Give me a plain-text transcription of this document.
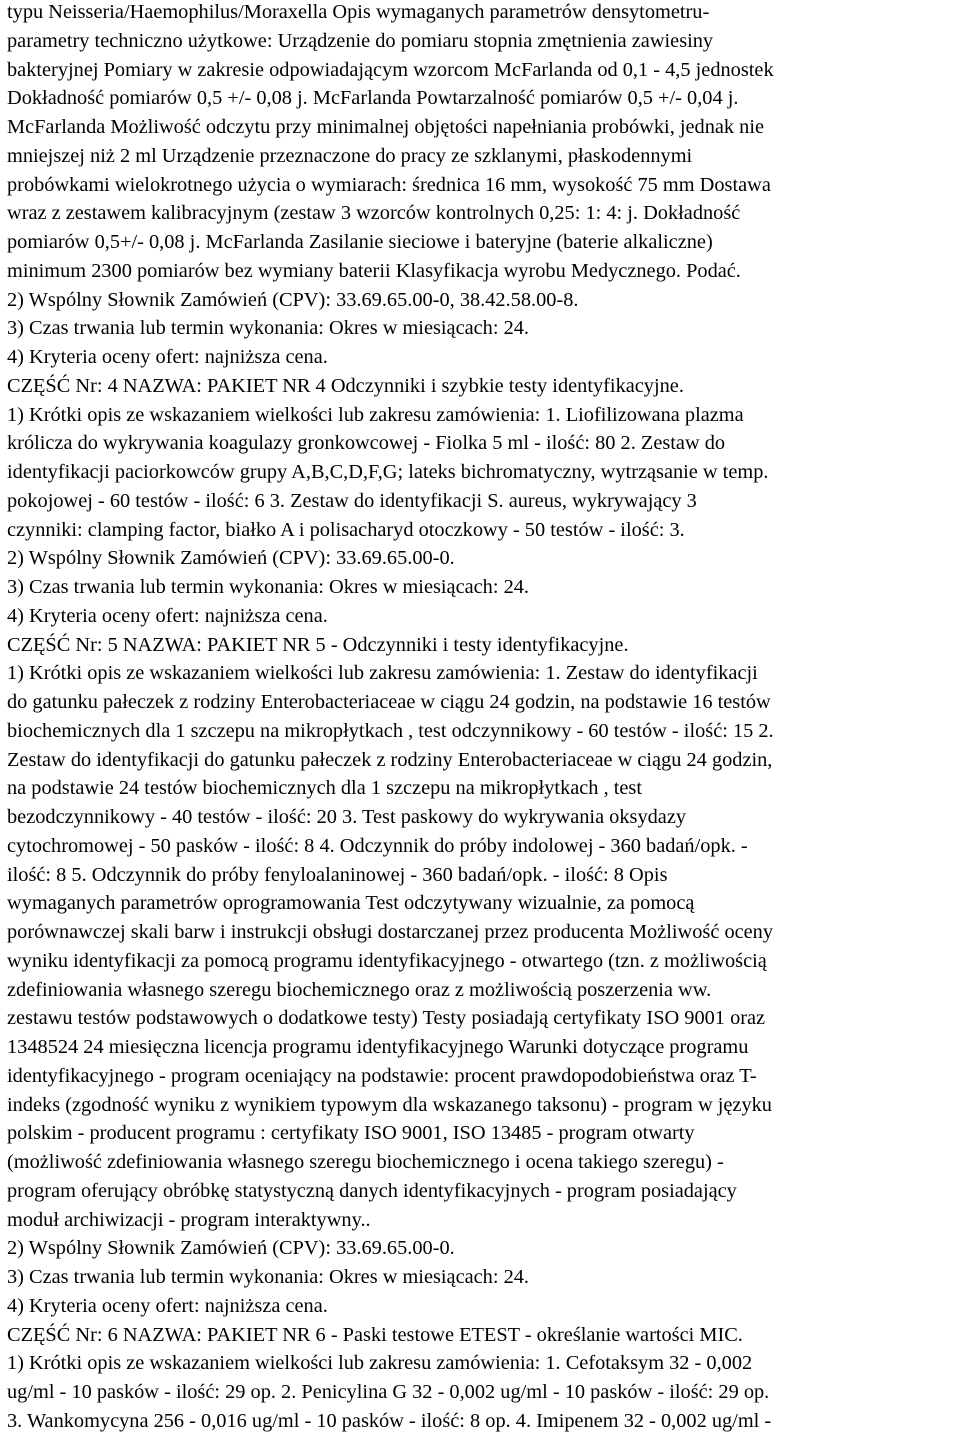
typu Neisseria/Haemophilus/Moraxella Opis wymaganych parametrów densytometru-
parametry techniczno użytkowe: Urządzenie do pomiaru stopnia zmętnienia zawiesiny
bakteryjnej Pomiary w zakresie odpowiadającym wzorcom McFarlanda od 0,1 - 4,5 jednostek
Dokładność pomiarów 0,5 +/- 0,08 j. McFarlanda Powtarzalność pomiarów 0,5 +/- 0,04 j.
McFarlanda Możliwość odczytu przy minimalnej objętości napełniania probówki, jednak nie
mniejszej niż 2 ml Urządzenie przeznaczone do pracy ze szklanymi, płaskodennymi
probówkami wielokrotnego użycia o wymiarach: średnica 16 mm, wysokość 75 mm Dostawa
wraz z zestawem kalibracyjnym (zestaw 3 wzorców kontrolnych 0,25: 1: 4: j. Dokładność
pomiarów 0,5+/- 0,08 j. McFarlanda Zasilanie sieciowe i bateryjne (baterie alkaliczne)
minimum 2300 pomiarów bez wymiany baterii Klasyfikacja wyrobu Medycznego. Podać.
2) Wspólny Słownik Zamówień (CPV): 33.69.65.00-0, 38.42.58.00-8.
3) Czas trwania lub termin wykonania: Okres w miesiącach: 24.
4) Kryteria oceny ofert: najniższa cena.
CZĘŚĆ Nr: 4 NAZWA: PAKIET NR 4 Odczynniki i szybkie testy identyfikacyjne.
1) Krótki opis ze wskazaniem wielkości lub zakresu zamówienia: 1. Liofilizowana plazma
królicza do wykrywania koagulazy gronkowcowej - Fiolka 5 ml - ilość: 80 2. Zestaw do
identyfikacji paciorkowców grupy A,B,C,D,F,G; lateks bichromatyczny, wytrząsanie w temp.
pokojowej - 60 testów - ilość: 6 3. Zestaw do identyfikacji S. aureus, wykrywający 3
czynniki: clamping factor, białko A i polisacharyd otoczkowy - 50 testów - ilość: 3.
2) Wspólny Słownik Zamówień (CPV): 33.69.65.00-0.
3) Czas trwania lub termin wykonania: Okres w miesiącach: 24.
4) Kryteria oceny ofert: najniższa cena.
CZĘŚĆ Nr: 5 NAZWA: PAKIET NR 5 - Odczynniki i testy identyfikacyjne.
1) Krótki opis ze wskazaniem wielkości lub zakresu zamówienia: 1. Zestaw do identyfikacji
do gatunku pałeczek z rodziny Enterobacteriaceae w ciągu 24 godzin, na podstawie 16 testów
biochemicznych dla 1 szczepu na mikropłytkach , test odczynnikowy - 60 testów - ilość: 15 2.
Zestaw do identyfikacji do gatunku pałeczek z rodziny Enterobacteriaceae w ciągu 24 godzin,
na podstawie 24 testów biochemicznych dla 1 szczepu na mikropłytkach , test
bezodczynnikowy - 40 testów - ilość: 20 3. Test paskowy do wykrywania oksydazy
cytochromowej - 50 pasków - ilość: 8 4. Odczynnik do próby indolowej - 360 badań/opk. -
ilość: 8 5. Odczynnik do próby fenyloalaninowej - 360 badań/opk. - ilość: 8 Opis
wymaganych parametrów oprogramowania Test odczytywany wizualnie, za pomocą
porównawczej skali barw i instrukcji obsługi dostarczanej przez producenta Możliwość oceny
wyniku identyfikacji za pomocą programu identyfikacyjnego - otwartego (tzn. z możliwością
zdefiniowania własnego szeregu biochemicznego oraz z możliwością poszerzenia ww.
zestawu testów podstawowych o dodatkowe testy) Testy posiadają certyfikaty ISO 9001 oraz
1348524 24 miesięczna licencja programu identyfikacyjnego Warunki dotyczące programu
identyfikacyjnego - program oceniający na podstawie: procent prawdopodobieństwa oraz T-
indeks (zgodność wyniku z wynikiem typowym dla wskazanego taksonu) - program w języku
polskim - producent programu : certyfikaty ISO 9001, ISO 13485 - program otwarty
(możliwość zdefiniowania własnego szeregu biochemicznego i ocena takiego szeregu) -
program oferujący obróbkę statystyczną danych identyfikacyjnych - program posiadający
moduł archiwizacji - program interaktywny..
2) Wspólny Słownik Zamówień (CPV): 33.69.65.00-0.
3) Czas trwania lub termin wykonania: Okres w miesiącach: 24.
4) Kryteria oceny ofert: najniższa cena.
CZĘŚĆ Nr: 6 NAZWA: PAKIET NR 6 - Paski testowe ETEST - określanie wartości MIC.
1) Krótki opis ze wskazaniem wielkości lub zakresu zamówienia: 1. Cefotaksym 32 - 0,002
ug/ml - 10 pasków - ilość: 29 op. 2. Penicylina G 32 - 0,002 ug/ml - 10 pasków - ilość: 29 op.
3. Wankomycyna 256 - 0,016 ug/ml - 10 pasków - ilość: 8 op. 4. Imipenem 32 - 0,002 ug/ml -
